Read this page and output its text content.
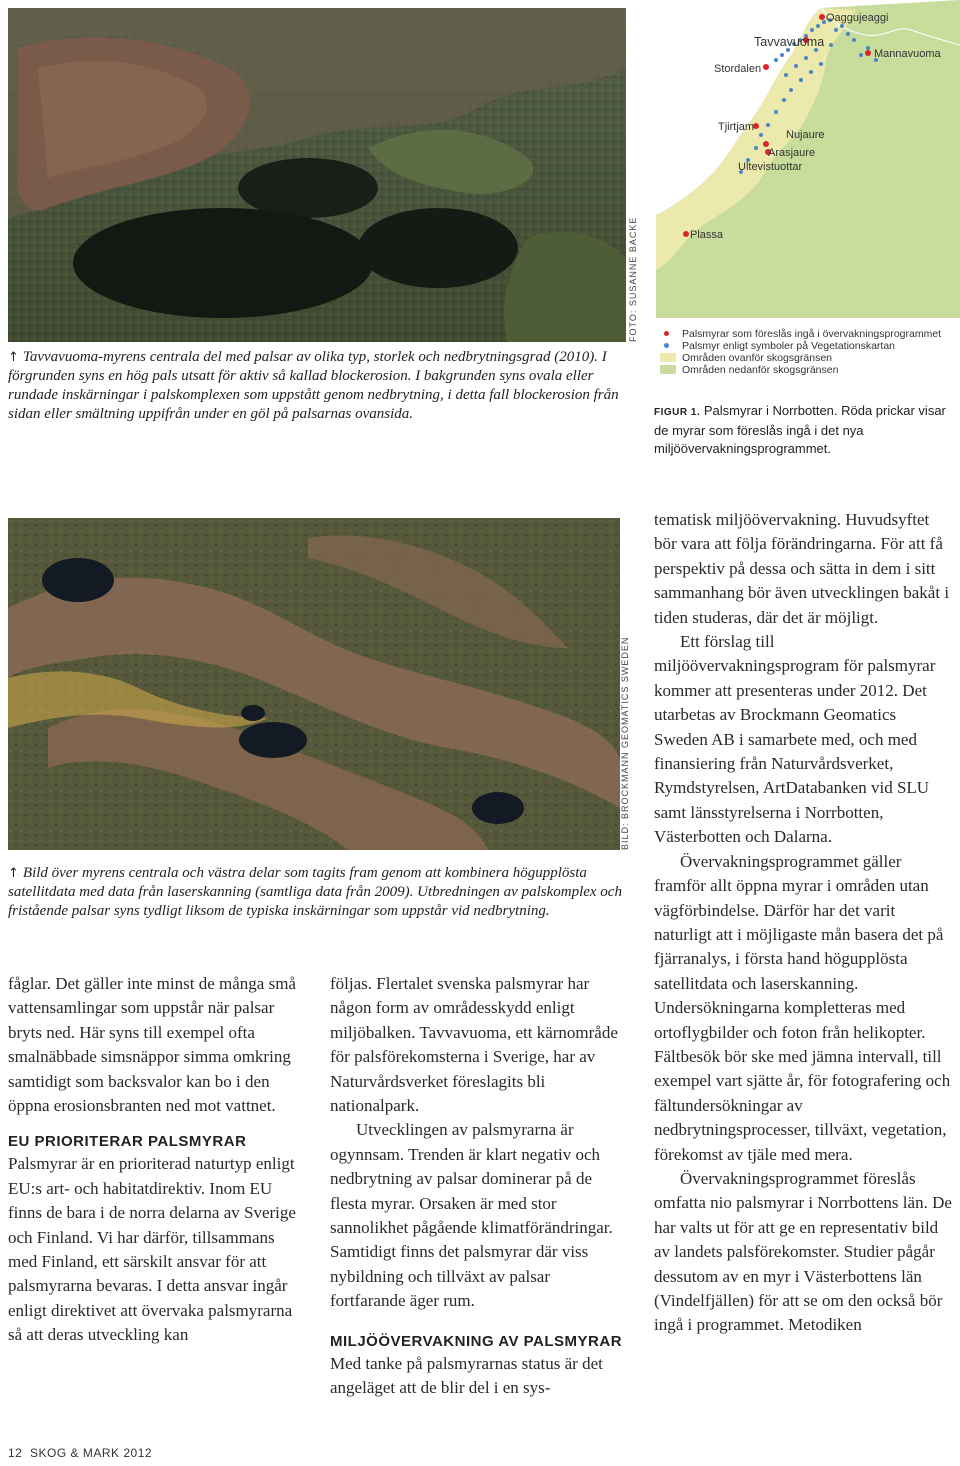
FOTO: SUSANNE BACKE
↑ Tavvavuoma-myrens centrala del med palsar av olika typ, storlek och nedbrytningsgrad (2010). I förgrunden syns en hög pals utsatt för aktiv så kallad blockerosion. I bakgrunden syns ovala eller rundade inskärningar i palskomplexen som uppstått genom nedbrytning, i detta fall blockerosion från sidan eller smältning uppifrån under en göl på palsarnas ovansida.
Oaggujeaggi
Tavvavuoma
Mannavuoma
Stordalen
Tjirtjam
Nujaure
Arasjaure
Ultevistuottar
Plassa
Palsmyrar som föreslås ingå i övervakningsprogrammet
Palsmyr enligt symboler på Vegetationskartan
Områden ovanför skogsgränsen
Områden nedanför skogsgränsen
FIGUR 1. Palsmyrar i Norrbotten. Röda prickar visar de myrar som föreslås ingå i det nya miljöövervakningsprogrammet.
BILD: BROCKMANN GEOMATICS SWEDEN
↑ Bild över myrens centrala och västra delar som tagits fram genom att kombinera högupplösta satellitdata med data från laserskanning (samtliga data från 2009). Utbredningen av palskomplex och fristående palsar syns tydligt liksom de typiska inskärningar som uppstår vid nedbrytning.

fåglar. Det gäller inte minst de många små vattensamlingar som uppstår när palsar bryts ned. Här syns till exempel ofta smalnäbbade simsnäppor simma omkring samtidigt som backsvalor kan bo i den öppna erosionsbranten ned mot vattnet.

EU PRIORITERAR PALSMYRAR

Palsmyrar är en prioriterad naturtyp enligt EU:s art- och habitatdirektiv. Inom EU finns de bara i de norra delarna av Sverige och Finland. Vi har därför, tillsammans med Finland, ett särskilt ansvar för att palsmyrarna bevaras. I detta ansvar ingår enligt direktivet att övervaka palsmyrarna så att deras utveckling kan

följas. Flertalet svenska palsmyrar har någon form av områdesskydd enligt miljöbalken. Tavvavuoma, ett kärnområde för palsförekomsterna i Sverige, har av Naturvårdsverket föreslagits bli nationalpark.

Utvecklingen av palsmyrarna är ogynnsam. Trenden är klart negativ och nedbrytning av palsar dominerar på de flesta myrar. Orsaken är med stor sannolikhet pågående klimatförändringar. Samtidigt finns det palsmyrar där viss nybildning och tillväxt av palsar fortfarande äger rum.

MILJÖÖVERVAKNING AV PALSMYRAR

Med tanke på palsmyrarnas status är det angeläget att de blir del i en sys-

tematisk miljöövervakning. Huvudsyftet bör vara att följa förändringarna. För att få perspektiv på dessa och sätta in dem i sitt sammanhang bör även utvecklingen bakåt i tiden studeras, där det är möjligt.

Ett förslag till miljöövervakningsprogram för palsmyrar kommer att presenteras under 2012. Det utarbetas av Brockmann Geomatics Sweden AB i samarbete med, och med finansiering från Naturvårdsverket, Rymdstyrelsen, ArtDatabanken vid SLU samt länsstyrelserna i Norrbotten, Västerbotten och Dalarna.

Övervakningsprogrammet gäller framför allt öppna myrar i områden utan vägförbindelse. Därför har det varit naturligt att i möjligaste mån basera det på fjärranalys, i första hand högupplösta satellitdata och laserskanning. Undersökningarna kompletteras med ortoflygbilder och foton från helikopter. Fältbesök bör ske med jämna intervall, till exempel vart sjätte år, för fotografering och fältundersökningar av nedbrytningsprocesser, tillväxt, vegetation, förekomst av tjäle med mera.

Övervakningsprogrammet föreslås omfatta nio palsmyrar i Norrbottens län. De har valts ut för att ge en representativ bild av landets palsförekomster. Studier pågår dessutom av en myr i Västerbottens län (Vindelfjällen) för att se om den också bör ingå i programmet. Metodiken

12 SKOG & MARK 2012
